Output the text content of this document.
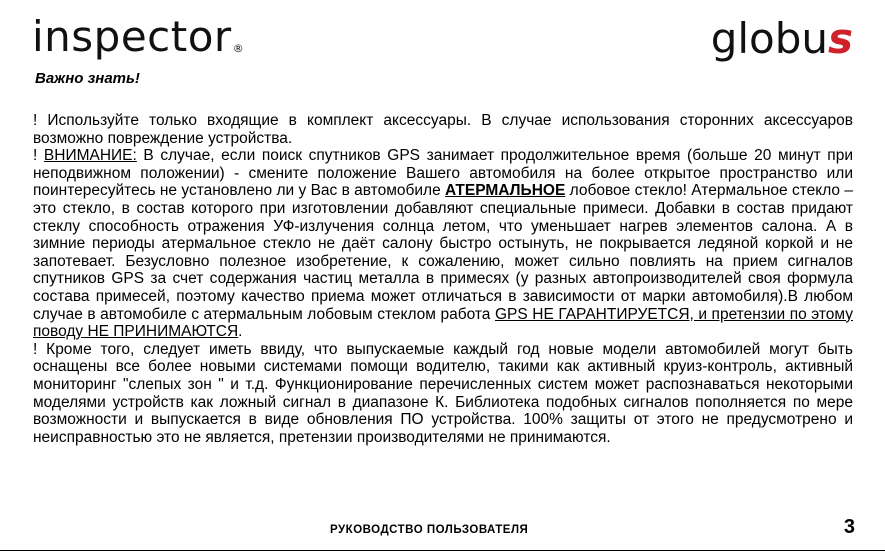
inspector®	globus
Важно знать!

! Используйте только входящие в комплект аксессуары. В случае использования сторонних аксессуаров возможно повреждение устройства.

! ВНИМАНИЕ: В случае, если поиск спутников GPS занимает продолжительное время (больше 20 минут при неподвижном положении) - смените положение Вашего автомобиля на более открытое пространство или поинтересуйтесь не установлено ли у Вас в автомобиле АТЕРМАЛЬНОЕ лобовое стекло! Атермальное стекло – это стекло, в состав которого при изготовлении добавляют специальные примеси. Добавки в состав придают стеклу способность отражения УФ-излучения солнца летом, что уменьшает нагрев элементов салона. А в зимние периоды атермальное стекло не даёт салону быстро остынуть, не покрывается ледяной коркой и не запотевает. Безусловно полезное изобретение, к сожалению, может сильно повлиять на прием сигналов спутников GPS за счет содержания частиц металла в примесях (у разных автопроизводителей своя формула состава примесей, поэтому качество приема может отличаться в зависимости от марки автомобиля).В любом случае в автомобиле с атермальным лобовым стеклом работа GPS НЕ ГАРАНТИРУЕТСЯ, и претензии по этому поводу НЕ ПРИНИМАЮТСЯ.

! Кроме того, следует иметь ввиду, что выпускаемые каждый год новые модели автомобилей могут быть оснащены все более новыми системами помощи водителю, такими как активный круиз-контроль, активный мониторинг "слепых зон " и т.д. Функционирование перечисленных систем может распознаваться некоторыми моделями устройств как ложный сигнал в диапазоне К. Библиотека подобных сигналов пополняется по мере возможности и выпускается в виде обновления ПО устройства. 100% защиты от этого не предусмотрено и неисправностью это не является, претензии производителями не принимаются.

РУКОВОДСТВО ПОЛЬЗОВАТЕЛЯ	3
